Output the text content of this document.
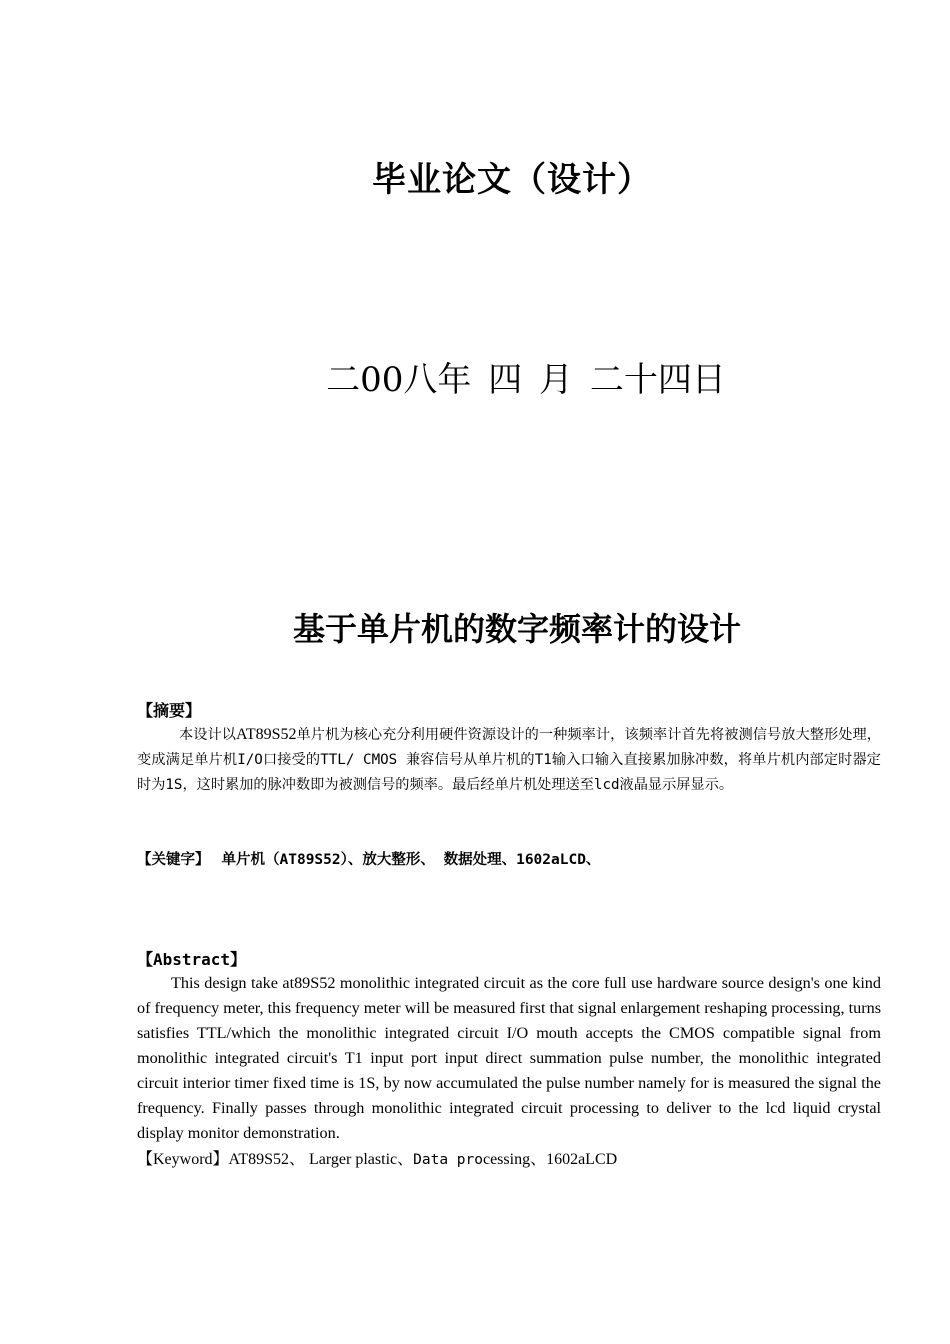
毕业论文（设计）
二00八年 四 月 二十四日
基于单片机的数字频率计的设计
【摘要】
本设计以AT89S52单片机为核心充分利用硬件资源设计的一种频率计，该频率计首先将被测信号放大整形处理，变成满足单片机I/O口接受的TTL/ CMOS 兼容信号从单片机的T1输入口输入直接累加脉冲数，将单片机内部定时器定时为1S，这时累加的脉冲数即为被测信号的频率。最后经单片机处理送至lcd液晶显示屏显示。
【关键字】 单片机（AT89S52）、放大整形、 数据处理、1602aLCD、
【Abstract】
This design take at89S52 monolithic integrated circuit as the core full use hardware source design's one kind of frequency meter, this frequency meter will be measured first that signal enlargement reshaping processing, turns satisfies TTL/which the monolithic integrated circuit I/O mouth accepts the CMOS compatible signal from monolithic integrated circuit's T1 input port input direct summation pulse number, the monolithic integrated circuit interior timer fixed time is 1S, by now accumulated the pulse number namely for is measured the signal the frequency. Finally passes through monolithic integrated circuit processing to deliver to the lcd liquid crystal display monitor demonstration.
【Keyword】AT89S52、 Larger plastic、Data processing、1602aLCD
